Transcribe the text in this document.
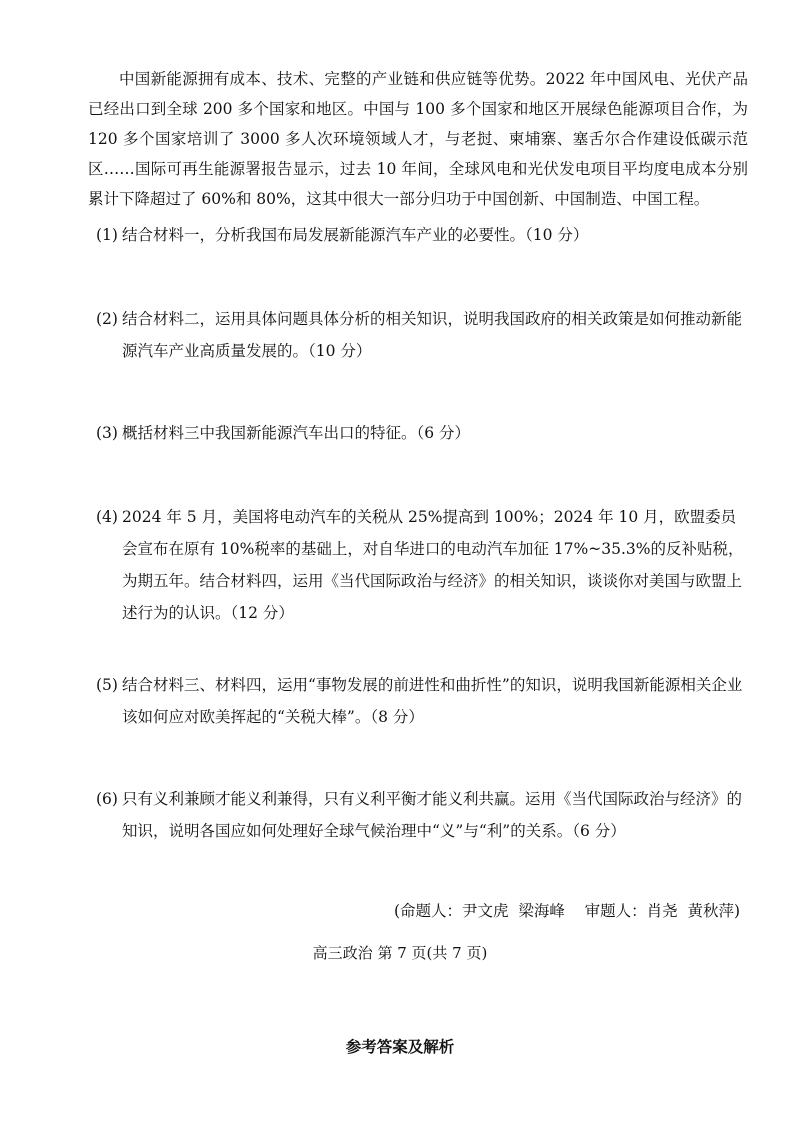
中国新能源拥有成本、技术、完整的产业链和供应链等优势。2022 年中国风电、光伏产品已经出口到全球 200 多个国家和地区。中国与 100 多个国家和地区开展绿色能源项目合作，为 120 多个国家培训了 3000 多人次环境领域人才，与老挝、柬埔寨、塞舌尔合作建设低碳示范区……国际可再生能源署报告显示，过去 10 年间，全球风电和光伏发电项目平均度电成本分别累计下降超过了 60%和 80%，这其中很大一部分归功于中国创新、中国制造、中国工程。

(1) 结合材料一，分析我国布局发展新能源汽车产业的必要性。（10 分）
(2) 结合材料二，运用具体问题具体分析的相关知识，说明我国政府的相关政策是如何推动新能源汽车产业高质量发展的。（10 分）
(3) 概括材料三中我国新能源汽车出口的特征。（6 分）
(4) 2024 年 5 月，美国将电动汽车的关税从 25%提高到 100%；2024 年 10 月，欧盟委员会宣布在原有 10%税率的基础上，对自华进口的电动汽车加征 17%~35.3%的反补贴税，为期五年。结合材料四，运用《当代国际政治与经济》的相关知识，谈谈你对美国与欧盟上述行为的认识。（12 分）
(5) 结合材料三、材料四，运用“事物发展的前进性和曲折性”的知识，说明我国新能源相关企业该如何应对欧美挥起的“关税大棒”。（8 分）
(6) 只有义利兼顾才能义利兼得，只有义利平衡才能义利共赢。运用《当代国际政治与经济》的知识，说明各国应如何处理好全球气候治理中“义”与“利”的关系。（6 分）
(命题人：尹文虎  梁海峰    审题人：肖尧  黄秋萍)
高三政治 第 7 页(共 7 页)
参考答案及解析
